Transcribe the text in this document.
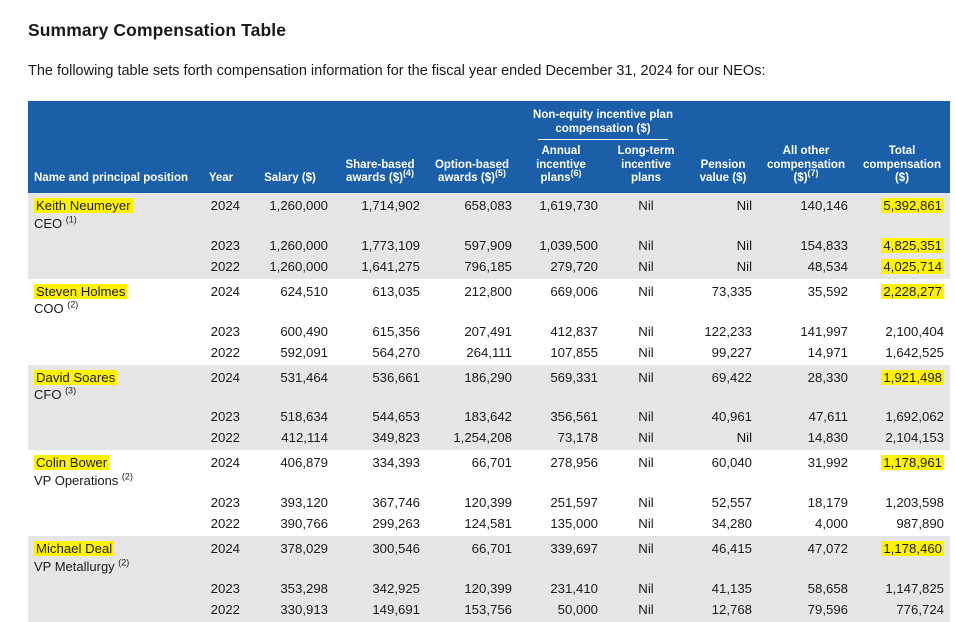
Summary Compensation Table

The following table sets forth compensation information for the fiscal year ended December 31, 2024 for our NEOs:

					Non-equity incentive plan compensation ($)				

Name and principal position	Year	Salary ($)	Share-based awards ($)$^{(4)}$	Option-based awards ($)$^{(5)}$	Annual incentive plans$^{(6)}$	Long-term incentive plans	Pension value ($)	All other compensation ($)$^{(7)}$	Total compensation ($)

Keith Neumeyer
CEO $^{(1)}$	2024	1,260,000	1,714,902	658,083	1,619,730	Nil	Nil	140,146	5,392,861
	2023	1,260,000	1,773,109	597,909	1,039,500	Nil	Nil	154,833	4,825,351
	2022	1,260,000	1,641,275	796,185	279,720	Nil	Nil	48,534	4,025,714

Steven Holmes
COO $^{(2)}$	2024	624,510	613,035	212,800	669,006	Nil	73,335	35,592	2,228,277
	2023	600,490	615,356	207,491	412,837	Nil	122,233	141,997	2,100,404
	2022	592,091	564,270	264,111	107,855	Nil	99,227	14,971	1,642,525

David Soares
CFO $^{(3)}$	2024	531,464	536,661	186,290	569,331	Nil	69,422	28,330	1,921,498
	2023	518,634	544,653	183,642	356,561	Nil	40,961	47,611	1,692,062
	2022	412,114	349,823	1,254,208	73,178	Nil	Nil	14,830	2,104,153

Colin Bower
VP Operations $^{(2)}$	2024	406,879	334,393	66,701	278,956	Nil	60,040	31,992	1,178,961
	2023	393,120	367,746	120,399	251,597	Nil	52,557	18,179	1,203,598
	2022	390,766	299,263	124,581	135,000	Nil	34,280	4,000	987,890

Michael Deal
VP Metallurgy $^{(2)}$	2024	378,029	300,546	66,701	339,697	Nil	46,415	47,072	1,178,460
	2023	353,298	342,925	120,399	231,410	Nil	41,135	58,658	1,147,825
	2022	330,913	149,691	153,756	50,000	Nil	12,768	79,596	776,724
